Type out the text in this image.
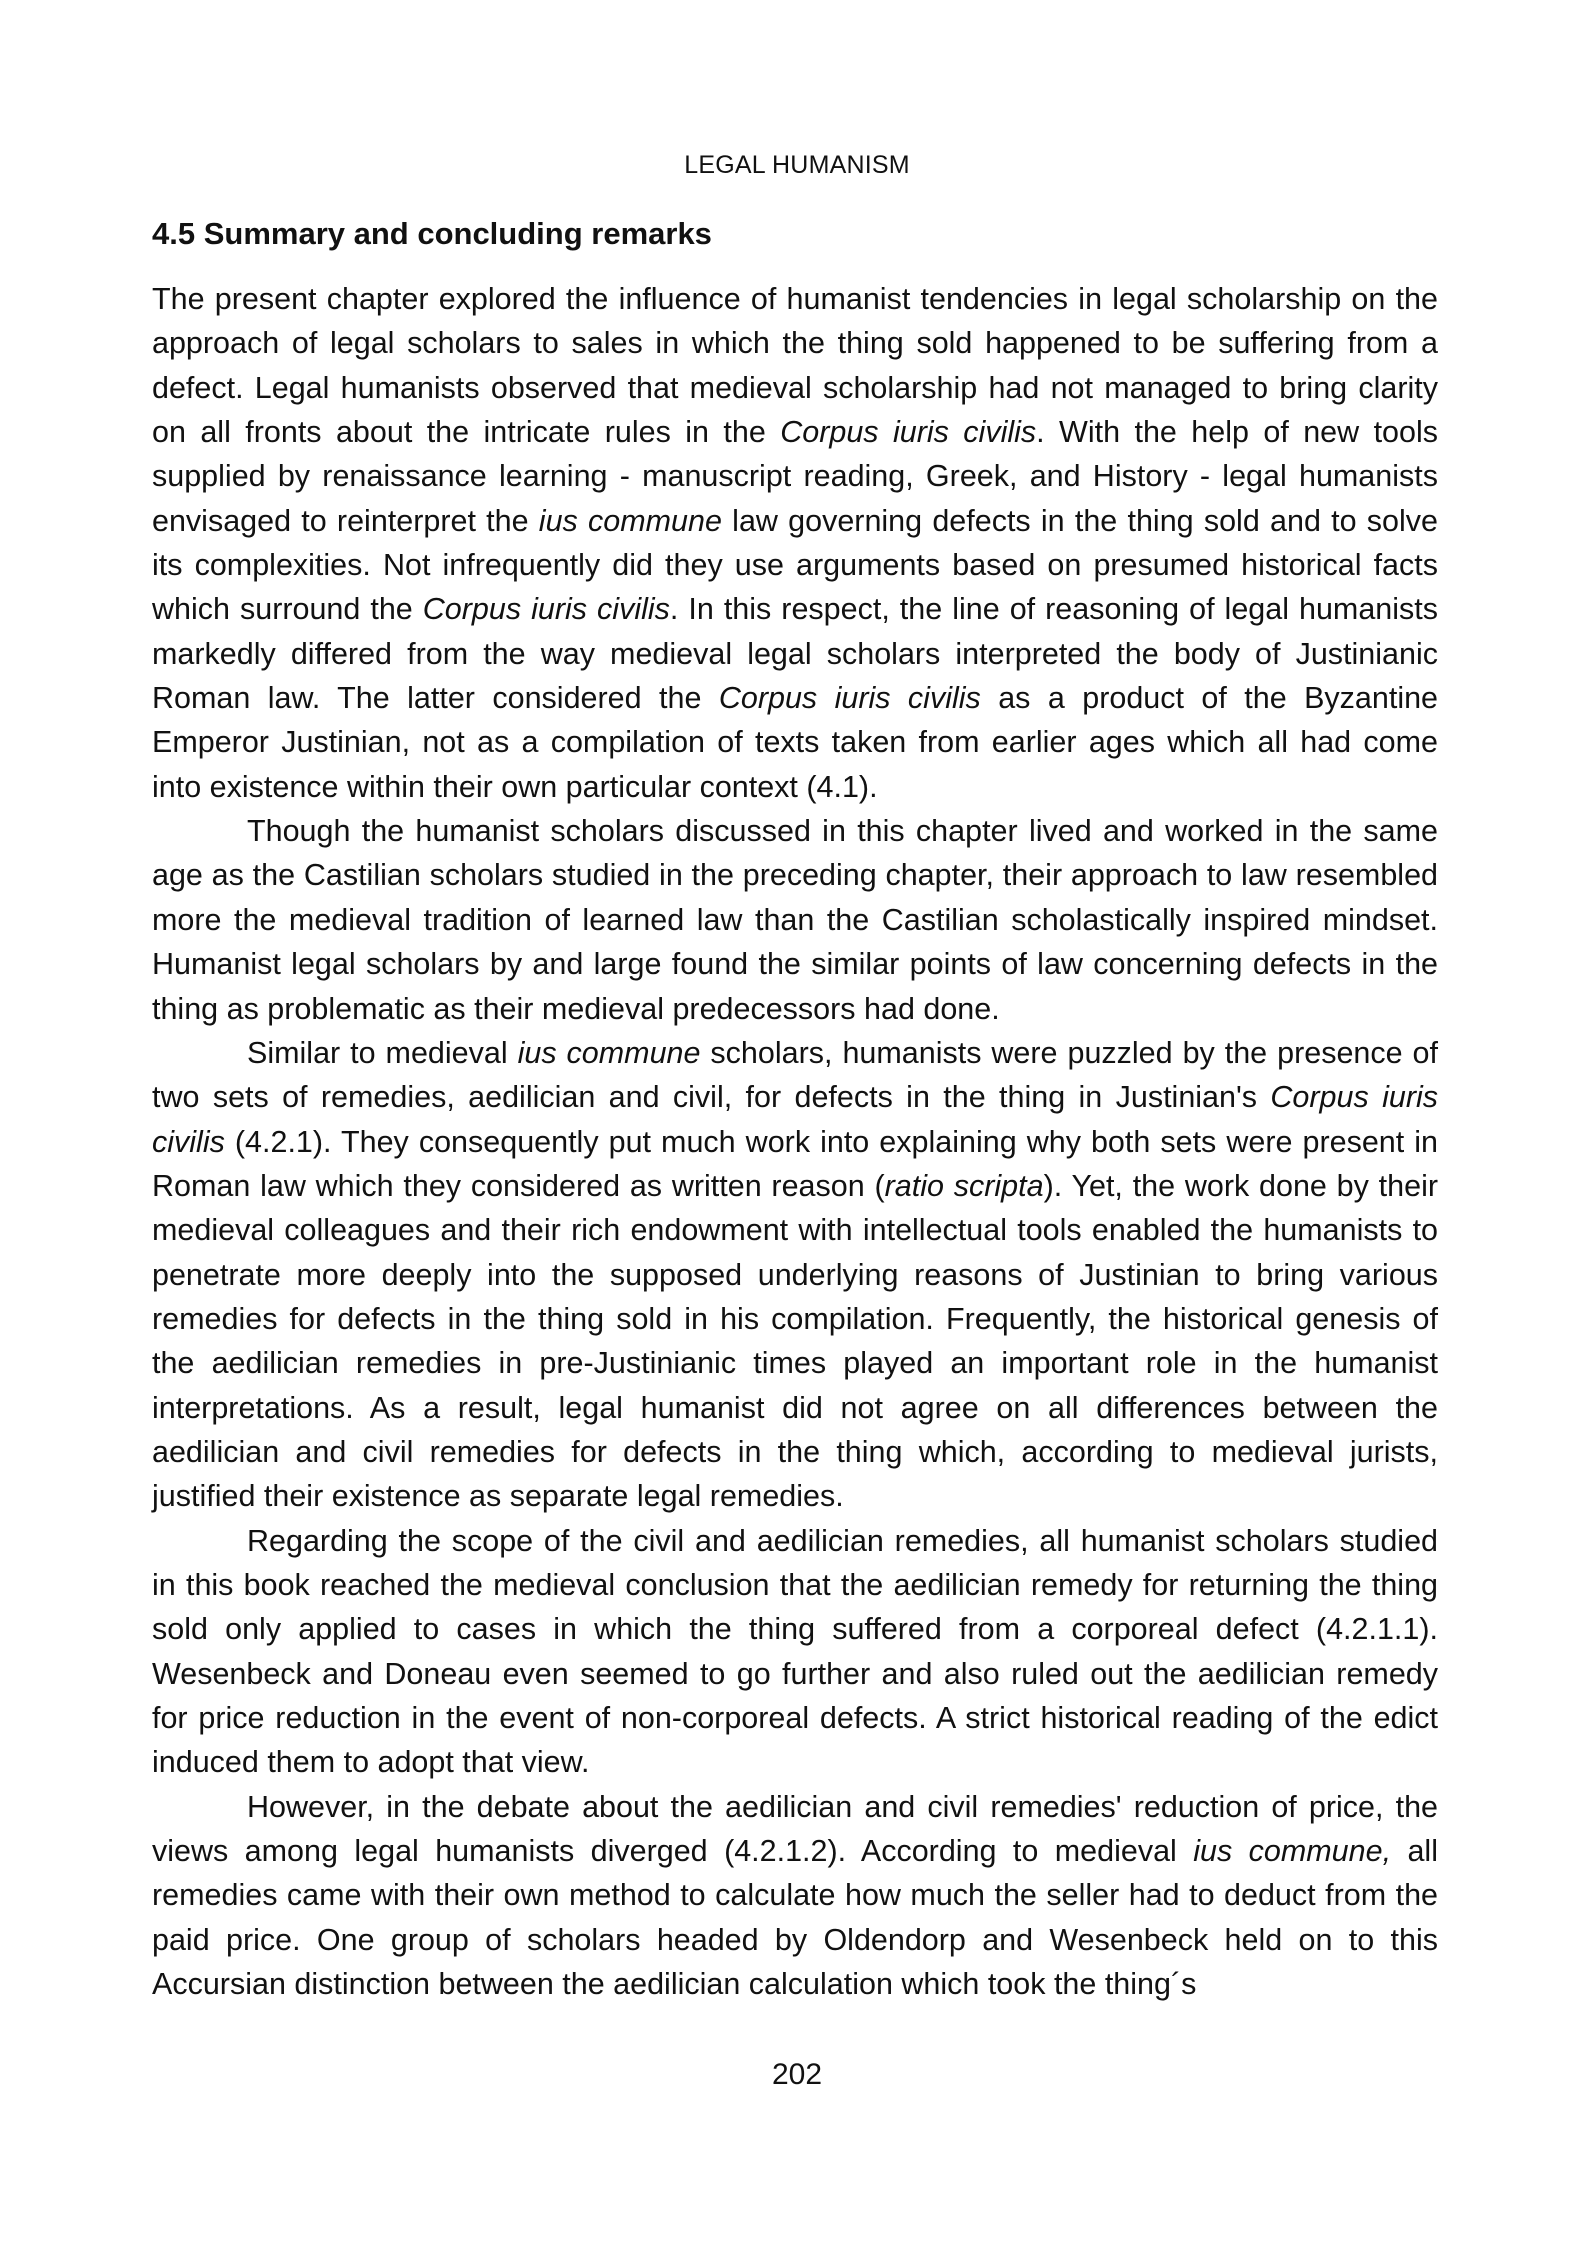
LEGAL HUMANISM
4.5 Summary and concluding remarks

The present chapter explored the influence of humanist tendencies in legal scholarship on the approach of legal scholars to sales in which the thing sold happened to be suffering from a defect. Legal humanists observed that medieval scholarship had not managed to bring clarity on all fronts about the intricate rules in the Corpus iuris civilis. With the help of new tools supplied by renaissance learning - manuscript reading, Greek, and History - legal humanists envisaged to reinterpret the ius commune law governing defects in the thing sold and to solve its complexities. Not infrequently did they use arguments based on presumed historical facts which surround the Corpus iuris civilis. In this respect, the line of reasoning of legal humanists markedly differed from the way medieval legal scholars interpreted the body of Justinianic Roman law. The latter considered the Corpus iuris civilis as a product of the Byzantine Emperor Justinian, not as a compilation of texts taken from earlier ages which all had come into existence within their own particular context (4.1).

Though the humanist scholars discussed in this chapter lived and worked in the same age as the Castilian scholars studied in the preceding chapter, their approach to law resembled more the medieval tradition of learned law than the Castilian scholastically inspired mindset. Humanist legal scholars by and large found the similar points of law concerning defects in the thing as problematic as their medieval predecessors had done.

Similar to medieval ius commune scholars, humanists were puzzled by the presence of two sets of remedies, aedilician and civil, for defects in the thing in Justinian's Corpus iuris civilis (4.2.1). They consequently put much work into explaining why both sets were present in Roman law which they considered as written reason (ratio scripta). Yet, the work done by their medieval colleagues and their rich endowment with intellectual tools enabled the humanists to penetrate more deeply into the supposed underlying reasons of Justinian to bring various remedies for defects in the thing sold in his compilation. Frequently, the historical genesis of the aedilician remedies in pre-Justinianic times played an important role in the humanist interpretations. As a result, legal humanist did not agree on all differences between the aedilician and civil remedies for defects in the thing which, according to medieval jurists, justified their existence as separate legal remedies.

Regarding the scope of the civil and aedilician remedies, all humanist scholars studied in this book reached the medieval conclusion that the aedilician remedy for returning the thing sold only applied to cases in which the thing suffered from a corporeal defect (4.2.1.1). Wesenbeck and Doneau even seemed to go further and also ruled out the aedilician remedy for price reduction in the event of non-corporeal defects. A strict historical reading of the edict induced them to adopt that view.

However, in the debate about the aedilician and civil remedies' reduction of price, the views among legal humanists diverged (4.2.1.2). According to medieval ius commune, all remedies came with their own method to calculate how much the seller had to deduct from the paid price. One group of scholars headed by Oldendorp and Wesenbeck held on to this Accursian distinction between the aedilician calculation which took the thing´s

202
